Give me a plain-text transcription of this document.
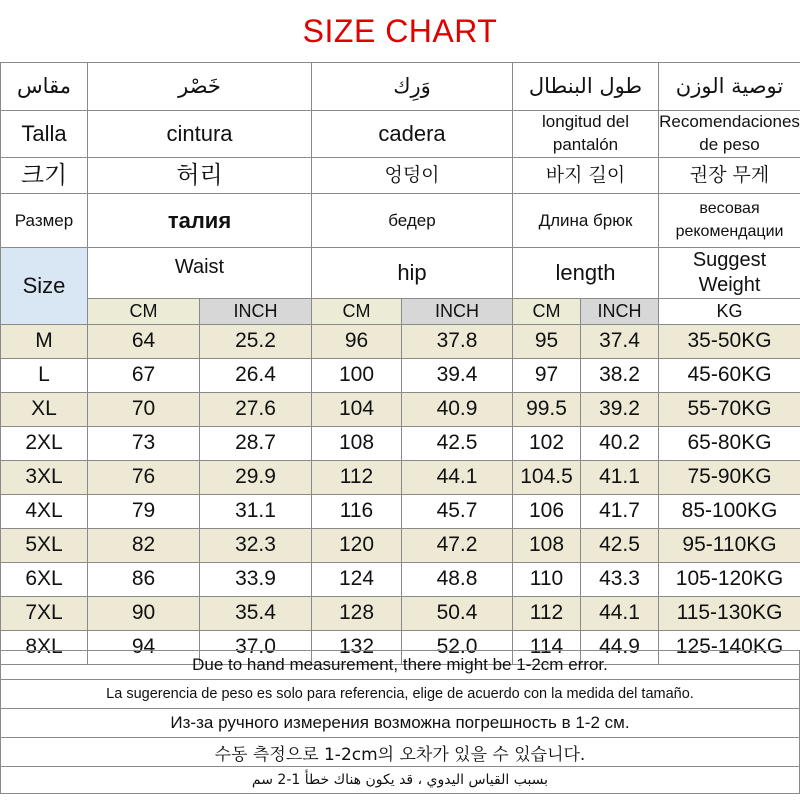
SIZE CHART
مقاس	خَصْر		وَرِك		طول البنطال		توصية الوزن
Talla	cintura		cadera		longitud del pantalón		Recomendaciones de peso
크기	허리		엉덩이		바지 길이		권장 무게
Размер	талия		бедер		Длина брюк		весовая рекомендации
Size	Waist		hip		length		Suggest Weight
	CM	INCH	CM	INCH	CM	INCH	KG
M	64	25.2	96	37.8	95	37.4	35-50KG
L	67	26.4	100	39.4	97	38.2	45-60KG
XL	70	27.6	104	40.9	99.5	39.2	55-70KG
2XL	73	28.7	108	42.5	102	40.2	65-80KG
3XL	76	29.9	112	44.1	104.5	41.1	75-90KG
4XL	79	31.1	116	45.7	106	41.7	85-100KG
5XL	82	32.3	120	47.2	108	42.5	95-110KG
6XL	86	33.9	124	48.8	110	43.3	105-120KG
7XL	90	35.4	128	50.4	112	44.1	115-130KG
8XL	94	37.0	132	52.0	114	44.9	125-140KG
Due to hand measurement, there might be 1-2cm error.
La sugerencia de peso es solo para referencia, elige de acuerdo con la medida del tamaño.
Из-за ручного измерения возможна погрешность в 1-2 см.
수동 측정으로 1-2cm의 오차가 있을 수 있습니다.
بسبب القياس اليدوي ، قد يكون هناك خطأ 1-2 سم
